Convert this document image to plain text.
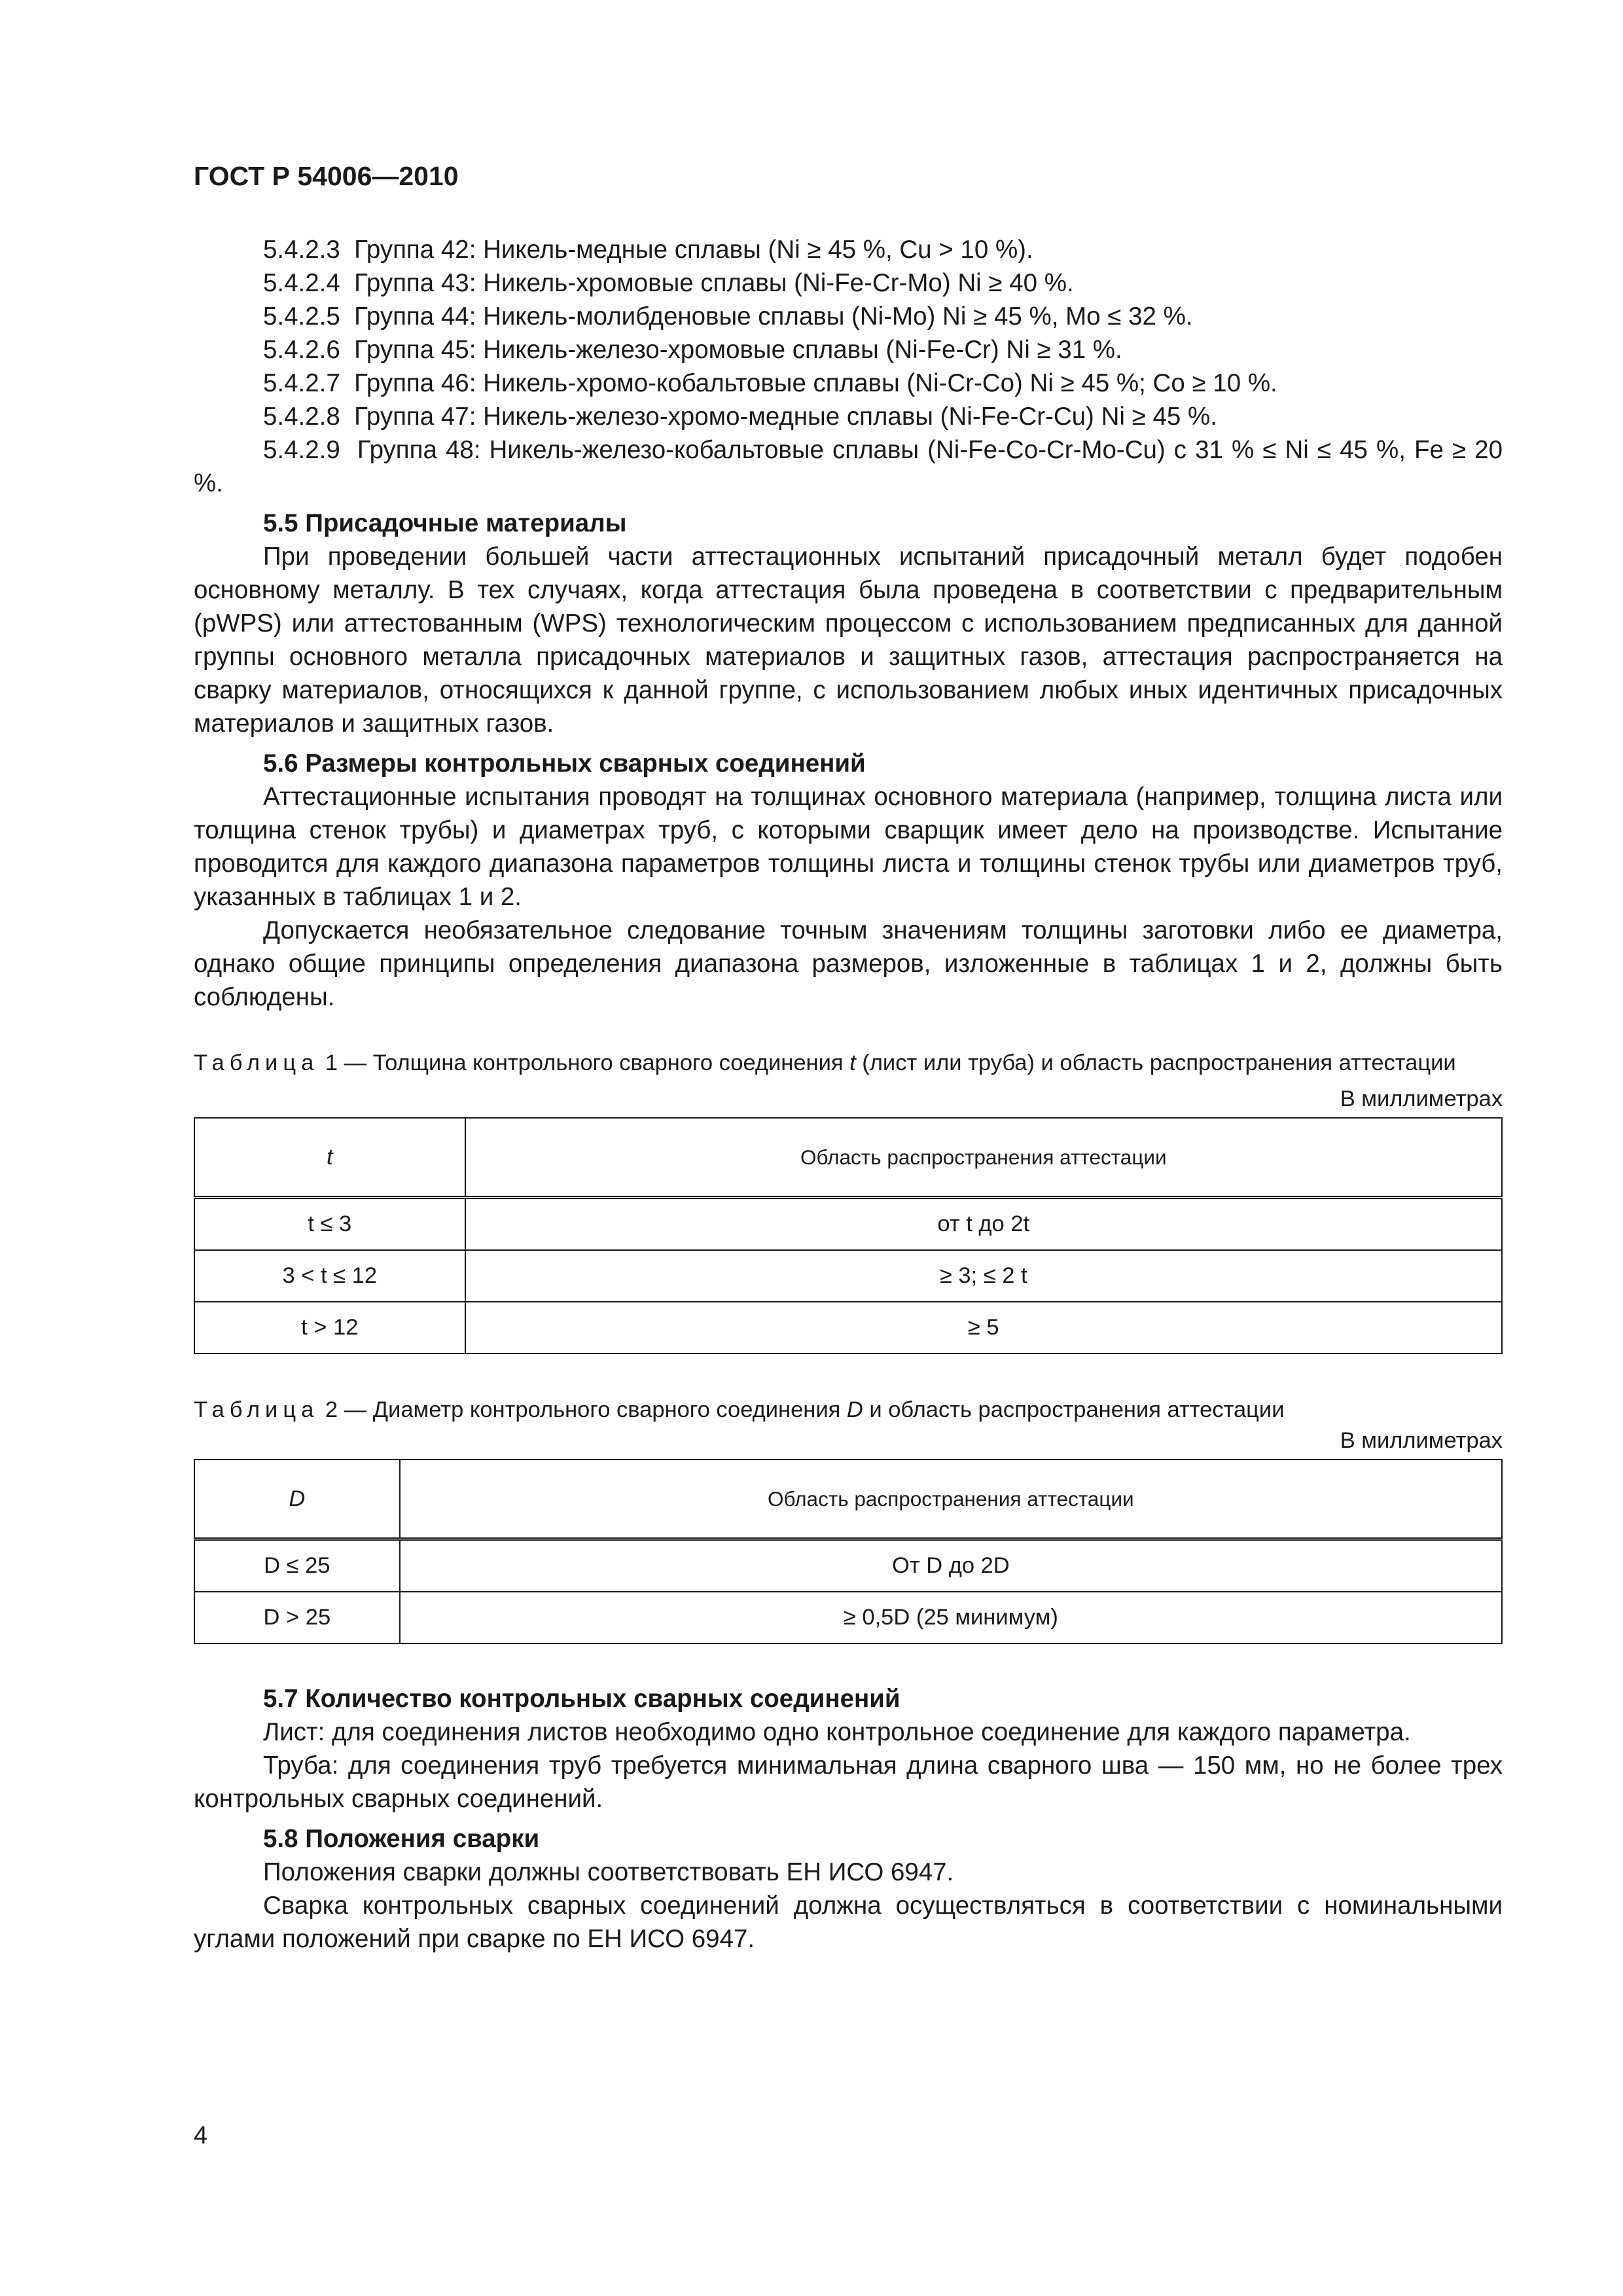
ГОСТ Р 54006—2010

5.4.2.3 Группа 42: Никель-медные сплавы (Ni ≥ 45 %, Cu > 10 %).

5.4.2.4 Группа 43: Никель-хромовые сплавы (Ni-Fe-Cr-Mo) Ni ≥ 40 %.

5.4.2.5 Группа 44: Никель-молибденовые сплавы (Ni-Mo) Ni ≥ 45 %, Mo ≤ 32 %.

5.4.2.6 Группа 45: Никель-железо-хромовые сплавы (Ni-Fe-Cr) Ni ≥ 31 %.

5.4.2.7 Группа 46: Никель-хромо-кобальтовые сплавы (Ni-Cr-Co) Ni ≥ 45 %; Co ≥ 10 %.

5.4.2.8 Группа 47: Никель-железо-хромо-медные сплавы (Ni-Fe-Cr-Cu) Ni ≥ 45 %.

5.4.2.9 Группа 48: Никель-железо-кобальтовые сплавы (Ni-Fe-Co-Cr-Mo-Cu) с 31 % ≤ Ni ≤ 45 %, Fe ≥ 20 %.

5.5 Присадочные материалы

При проведении большей части аттестационных испытаний присадочный металл будет подобен основному металлу. В тех случаях, когда аттестация была проведена в соответствии с предварительным (pWPS) или аттестованным (WPS) технологическим процессом с использованием предписанных для данной группы основного металла присадочных материалов и защитных газов, аттестация распространяется на сварку материалов, относящихся к данной группе, с использованием любых иных идентичных присадочных материалов и защитных газов.

5.6 Размеры контрольных сварных соединений

Аттестационные испытания проводят на толщинах основного материала (например, толщина листа или толщина стенок трубы) и диаметрах труб, с которыми сварщик имеет дело на производстве. Испытание проводится для каждого диапазона параметров толщины листа и толщины стенок трубы или диаметров труб, указанных в таблицах 1 и 2.

Допускается необязательное следование точным значениям толщины заготовки либо ее диаметра, однако общие принципы определения диапазона размеров, изложенные в таблицах 1 и 2, должны быть соблюдены.

Таблица 1 — Толщина контрольного сварного соединения t (лист или труба) и область распространения аттестации

В миллиметрах
t	Область распространения аттестации
t ≤ 3	от t до 2t
3 < t ≤ 12	≥ 3; ≤ 2 t
t > 12	≥ 5

Таблица 2 — Диаметр контрольного сварного соединения D и область распространения аттестации

В миллиметрах
D	Область распространения аттестации
D ≤ 25	От D до 2D
D > 25	≥ 0,5D (25 минимум)

5.7 Количество контрольных сварных соединений

Лист: для соединения листов необходимо одно контрольное соединение для каждого параметра.

Труба: для соединения труб требуется минимальная длина сварного шва — 150 мм, но не более трех контрольных сварных соединений.

5.8 Положения сварки

Положения сварки должны соответствовать ЕН ИСО 6947.

Сварка контрольных сварных соединений должна осуществляться в соответствии с номинальными углами положений при сварке по ЕН ИСО 6947.

4
